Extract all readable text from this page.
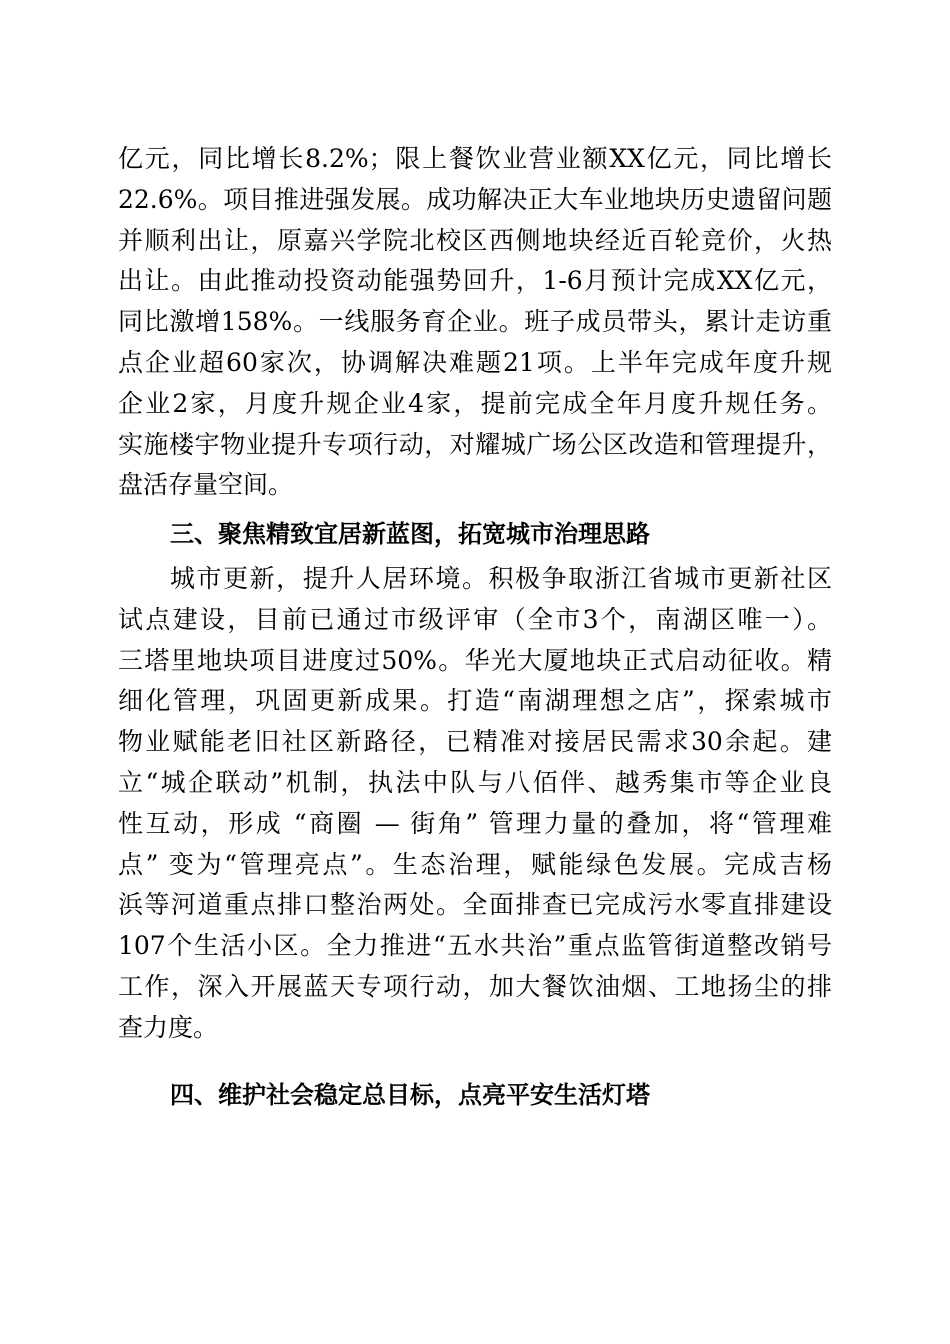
亿元，同比增长8.2%；限上餐饮业营业额XX亿元，同比增长
22.6%。项目推进强发展。成功解决正大车业地块历史遗留问题
并顺利出让，原嘉兴学院北校区西侧地块经近百轮竞价，火热
出让。由此推动投资动能强势回升，1-6月预计完成XX亿元，
同比激增158%。一线服务育企业。班子成员带头，累计走访重
点企业超60家次，协调解决难题21项。上半年完成年度升规
企业2家，月度升规企业4家，提前完成全年月度升规任务。
实施楼宇物业提升专项行动，对耀城广场公区改造和管理提升，
盘活存量空间。
三、聚焦精致宜居新蓝图，拓宽城市治理思路
城市更新，提升人居环境。积极争取浙江省城市更新社区
试点建设，目前已通过市级评审（全市3个，南湖区唯一）。
三塔里地块项目进度过50%。华光大厦地块正式启动征收。精
细化管理，巩固更新成果。打造“南湖理想之店”，探索城市
物业赋能老旧社区新路径，已精准对接居民需求30余起。建
立“城企联动”机制，执法中队与八佰伴、越秀集市等企业良
性互动，形成 “商圈 — 街角” 管理力量的叠加，将“管理难
点” 变为“管理亮点”。生态治理，赋能绿色发展。完成吉杨
浜等河道重点排口整治两处。全面排查已完成污水零直排建设
107个生活小区。全力推进“五水共治”重点监管街道整改销号
工作，深入开展蓝天专项行动，加大餐饮油烟、工地扬尘的排
查力度。
四、维护社会稳定总目标，点亮平安生活灯塔
